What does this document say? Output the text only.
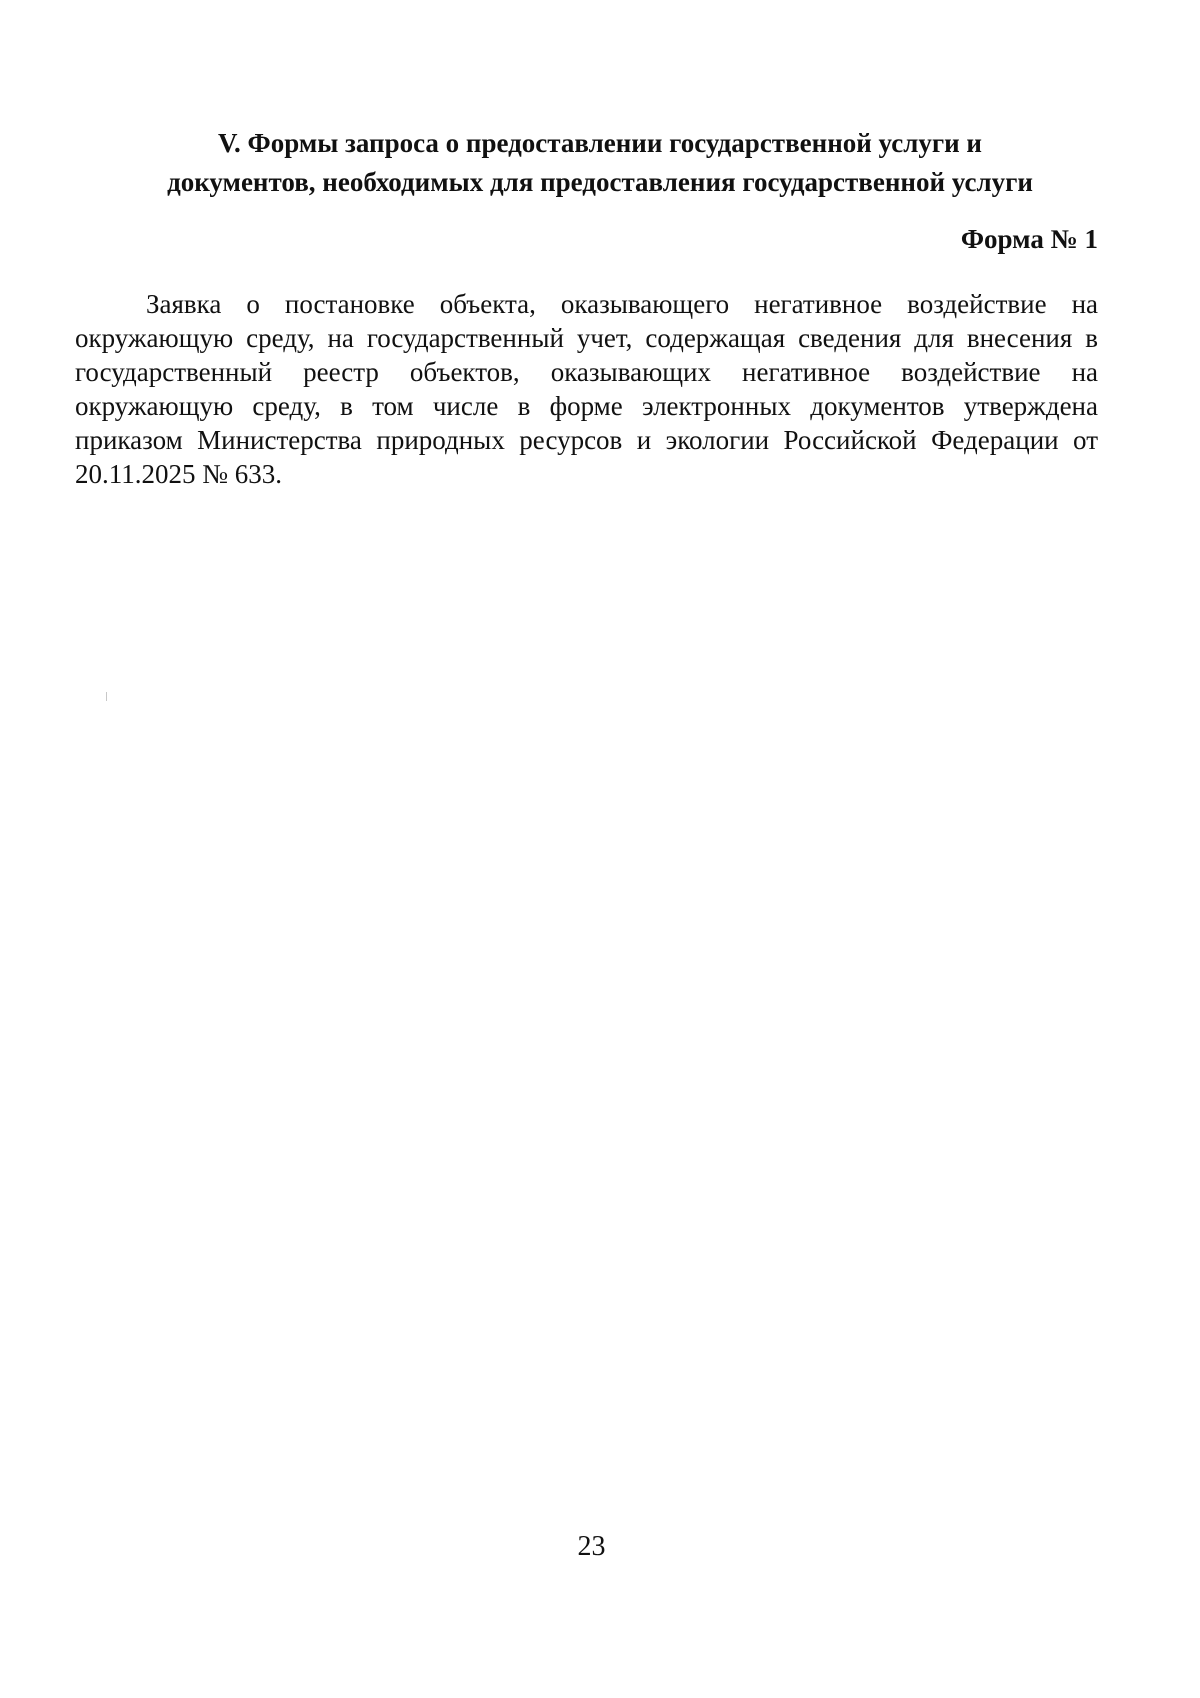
V. Формы запроса о предоставлении государственной услуги и
документов, необходимых для предоставления государственной услуги

Форма № 1

Заявка о постановке объекта, оказывающего негативное воздействие на окружающую среду, на государственный учет, содержащая сведения для внесения в государственный реестр объектов, оказывающих негативное воздействие на окружающую среду, в том числе в форме электронных документов утверждена приказом Министерства природных ресурсов и экологии Российской Федерации от 20.11.2025 № 633.

23
